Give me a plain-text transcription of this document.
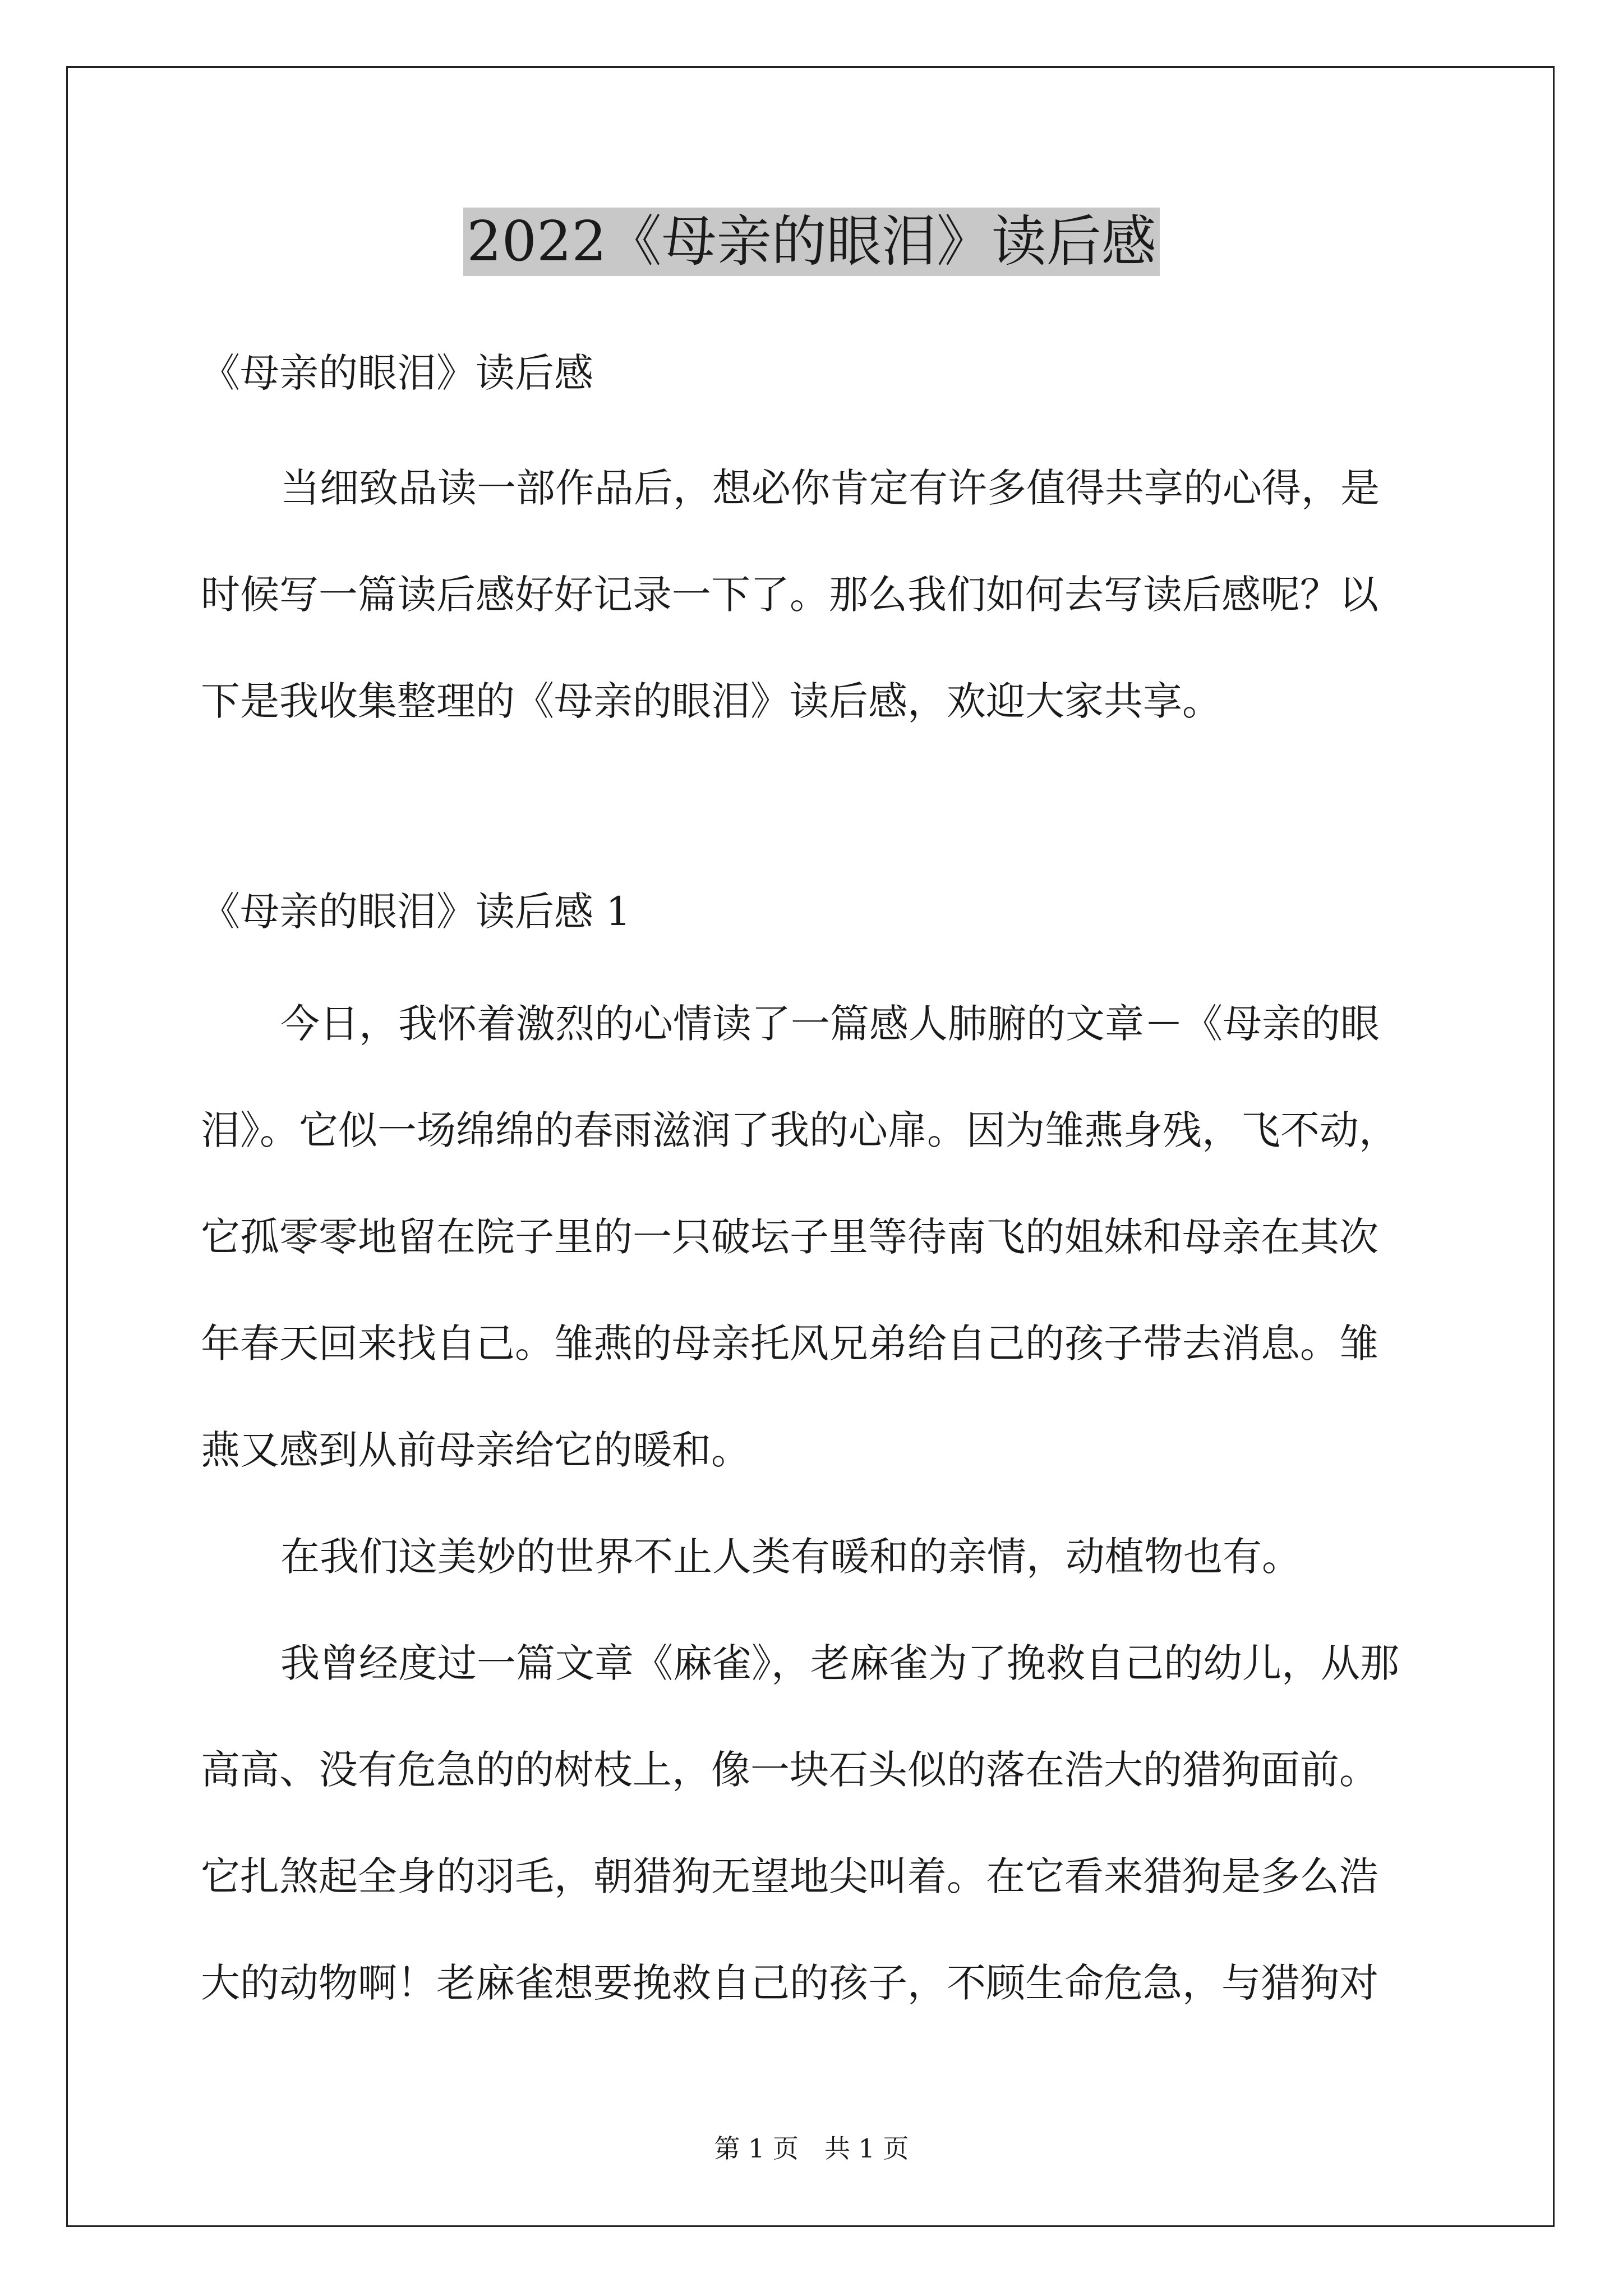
2022《母亲的眼泪》读后感

《母亲的眼泪》读后感

当细致品读一部作品后，想必你肯定有许多值得共享的心得，是

时候写一篇读后感好好记录一下了。那么我们如何去写读后感呢？以

下是我收集整理的《母亲的眼泪》读后感，欢迎大家共享。

《母亲的眼泪》读后感 1

今日，我怀着激烈的心情读了一篇感人肺腑的文章－《母亲的眼

泪》。它似一场绵绵的春雨滋润了我的心扉。因为雏燕身残，飞不动，

它孤零零地留在院子里的一只破坛子里等待南飞的姐妹和母亲在其次

年春天回来找自己。雏燕的母亲托风兄弟给自己的孩子带去消息。雏

燕又感到从前母亲给它的暖和。

在我们这美妙的世界不止人类有暖和的亲情，动植物也有。

我曾经度过一篇文章《麻雀》，老麻雀为了挽救自己的幼儿，从那

高高、没有危急的的树枝上，像一块石头似的落在浩大的猎狗面前。

它扎煞起全身的羽毛，朝猎狗无望地尖叫着。在它看来猎狗是多么浩

大的动物啊！老麻雀想要挽救自己的孩子，不顾生命危急，与猎狗对

第 1 页　共 1 页
